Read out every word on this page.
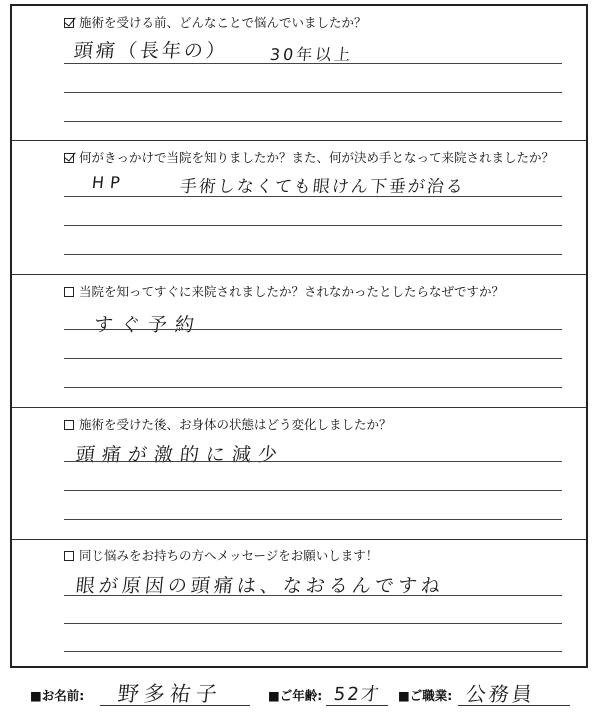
施術を受ける前、どんなことで悩んでいましたか？
頭痛（長年の） 30年以上
何がきっかけで当院を知りましたか？また、何が決め手となって来院されましたか？
HP	手術しなくても眼けん下垂が治る
当院を知ってすぐに来院されましたか？されなかったとしたらなぜですか？
すぐ予約
施術を受けた後、お身体の状態はどう変化しましたか？
頭痛が激的に減少
同じ悩みをお持ちの方へメッセージをお願いします！
眼が原因の頭痛は、なおるんですね
■お名前: 野多祐子	■ご年齢: 52才 ■ご職業: 公務員
